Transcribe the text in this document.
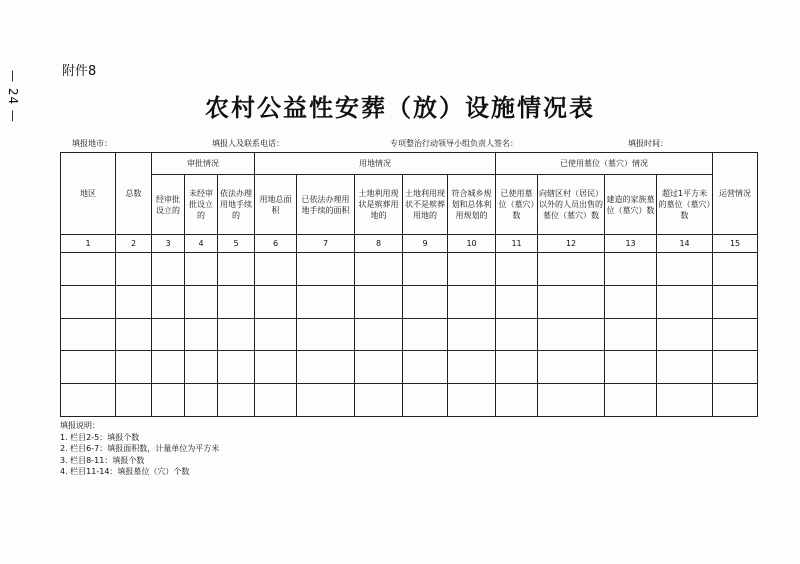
— 24 —	附件8
农村公益性安葬（放）设施情况表
填报地市：	填报人及联系电话：	专项整治行动领导小组负责人签名：	填报时间：
地区	总数	审批情况			用地情况					已使用墓位（墓穴）情况				运营情况
		经审批设立的	未经审批设立的	依法办理用地手续的	用地总面积	已依法办理用地手续的面积	土地利用现状是殡葬用地的	土地利用现状不是殡葬用地的	符合城乡规划和总体利用规划的	已使用墓位（墓穴）数	向辖区村（居民）以外的人员出售的墓位（墓穴）数	建造的家族墓位（墓穴）数	超过1平方米的墓位（墓穴）数	
1	2	3	4	5	6	7	8	9	10	11	12	13	14	15

填报说明：
1. 栏目2-5：填报个数
2. 栏目6-7：填报面积数，计量单位为平方米
3. 栏目8-11：填报个数
4. 栏目11-14：填报墓位（穴）个数
